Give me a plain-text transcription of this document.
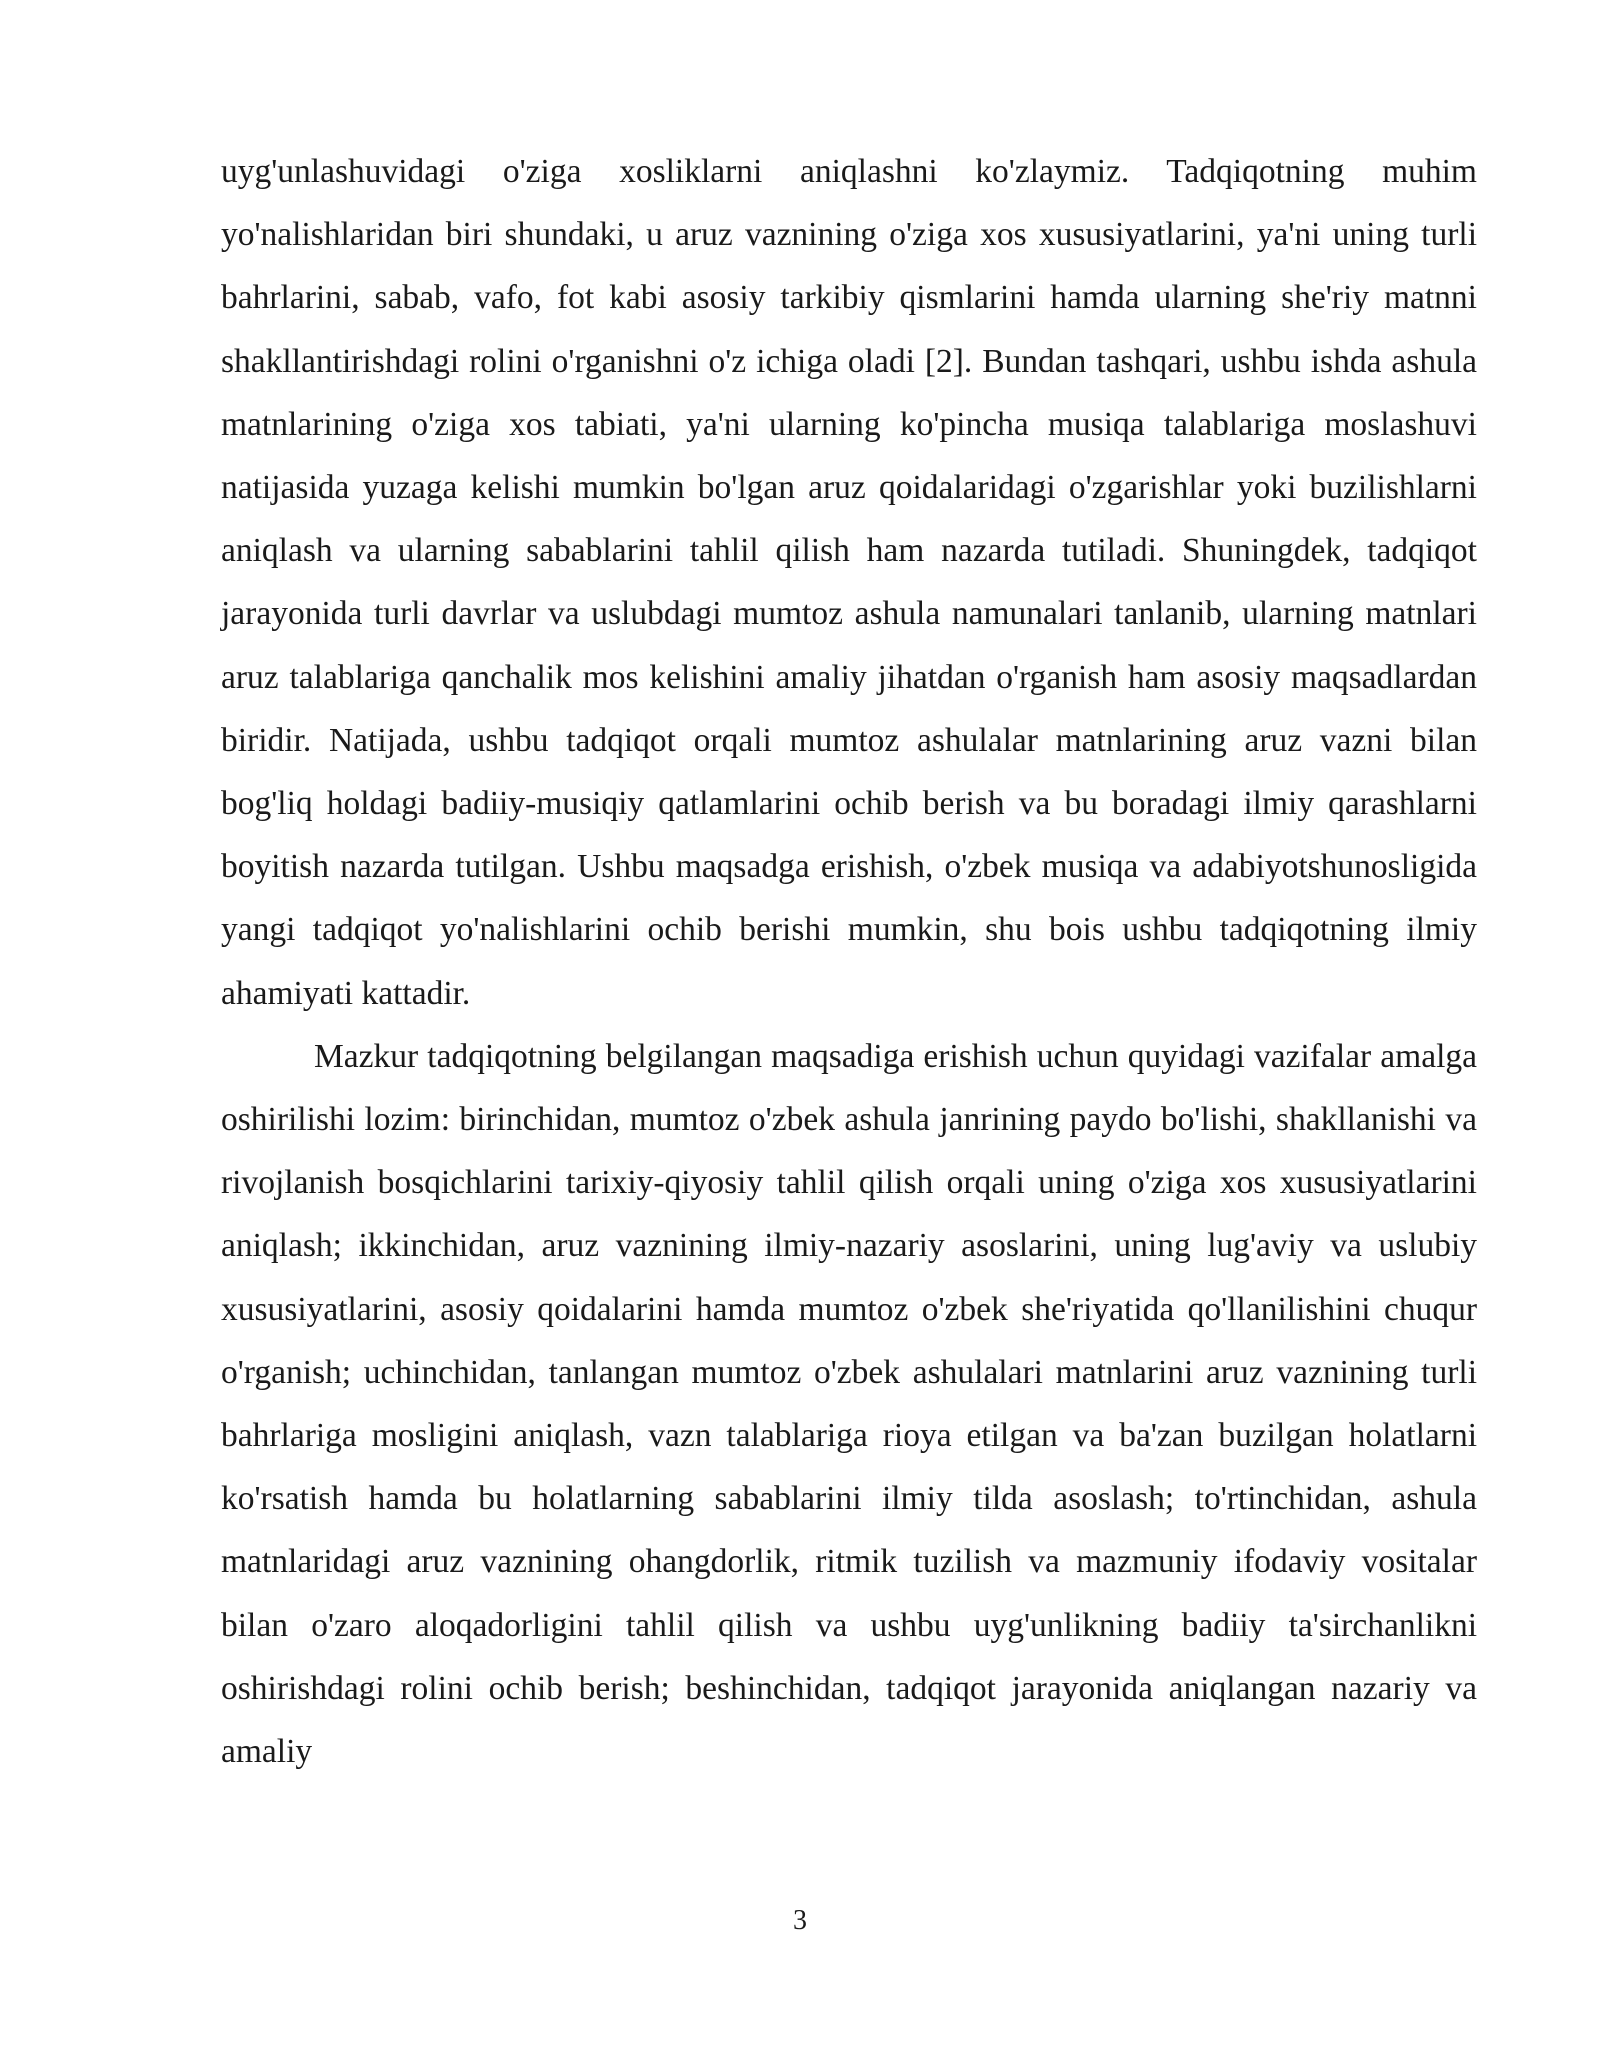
uyg'unlashuvidagi o'ziga xosliklarni aniqlashni ko'zlaymiz. Tadqiqotning muhim yo'nalishlaridan biri shundaki, u aruz vaznining o'ziga xos xususiyatlarini, ya'ni uning turli bahrlarini, sabab, vafo, fot kabi asosiy tarkibiy qismlarini hamda ularning she'riy matnni shakllantirishdagi rolini o'rganishni o'z ichiga oladi [2]. Bundan tashqari, ushbu ishda ashula matnlarining o'ziga xos tabiati, ya'ni ularning ko'pincha musiqa talablariga moslashuvi natijasida yuzaga kelishi mumkin bo'lgan aruz qoidalaridagi o'zgarishlar yoki buzilishlarni aniqlash va ularning sabablarini tahlil qilish ham nazarda tutiladi. Shuningdek, tadqiqot jarayonida turli davrlar va uslubdagi mumtoz ashula namunalari tanlanib, ularning matnlari aruz talablariga qanchalik mos kelishini amaliy jihatdan o'rganish ham asosiy maqsadlardan biridir. Natijada, ushbu tadqiqot orqali mumtoz ashulalar matnlarining aruz vazni bilan bog'liq holdagi badiiy-musiqiy qatlamlarini ochib berish va bu boradagi ilmiy qarashlarni boyitish nazarda tutilgan. Ushbu maqsadga erishish, o'zbek musiqa va adabiyotshunosligida yangi tadqiqot yo'nalishlarini ochib berishi mumkin, shu bois ushbu tadqiqotning ilmiy ahamiyati kattadir.

Mazkur tadqiqotning belgilangan maqsadiga erishish uchun quyidagi vazifalar amalga oshirilishi lozim: birinchidan, mumtoz o'zbek ashula janrining paydo bo'lishi, shakllanishi va rivojlanish bosqichlarini tarixiy-qiyosiy tahlil qilish orqali uning o'ziga xos xususiyatlarini aniqlash; ikkinchidan, aruz vaznining ilmiy-nazariy asoslarini, uning lug'aviy va uslubiy xususiyatlarini, asosiy qoidalarini hamda mumtoz o'zbek she'riyatida qo'llanilishini chuqur o'rganish; uchinchidan, tanlangan mumtoz o'zbek ashulalari matnlarini aruz vaznining turli bahrlariga mosligini aniqlash, vazn talablariga rioya etilgan va ba'zan buzilgan holatlarni ko'rsatish hamda bu holatlarning sabablarini ilmiy tilda asoslash; to'rtinchidan, ashula matnlaridagi aruz vaznining ohangdorlik, ritmik tuzilish va mazmuniy ifodaviy vositalar bilan o'zaro aloqadorligini tahlil qilish va ushbu uyg'unlikning badiiy ta'sirchanlikni oshirishdagi rolini ochib berish; beshinchidan, tadqiqot jarayonida aniqlangan nazariy va amaliy

3
